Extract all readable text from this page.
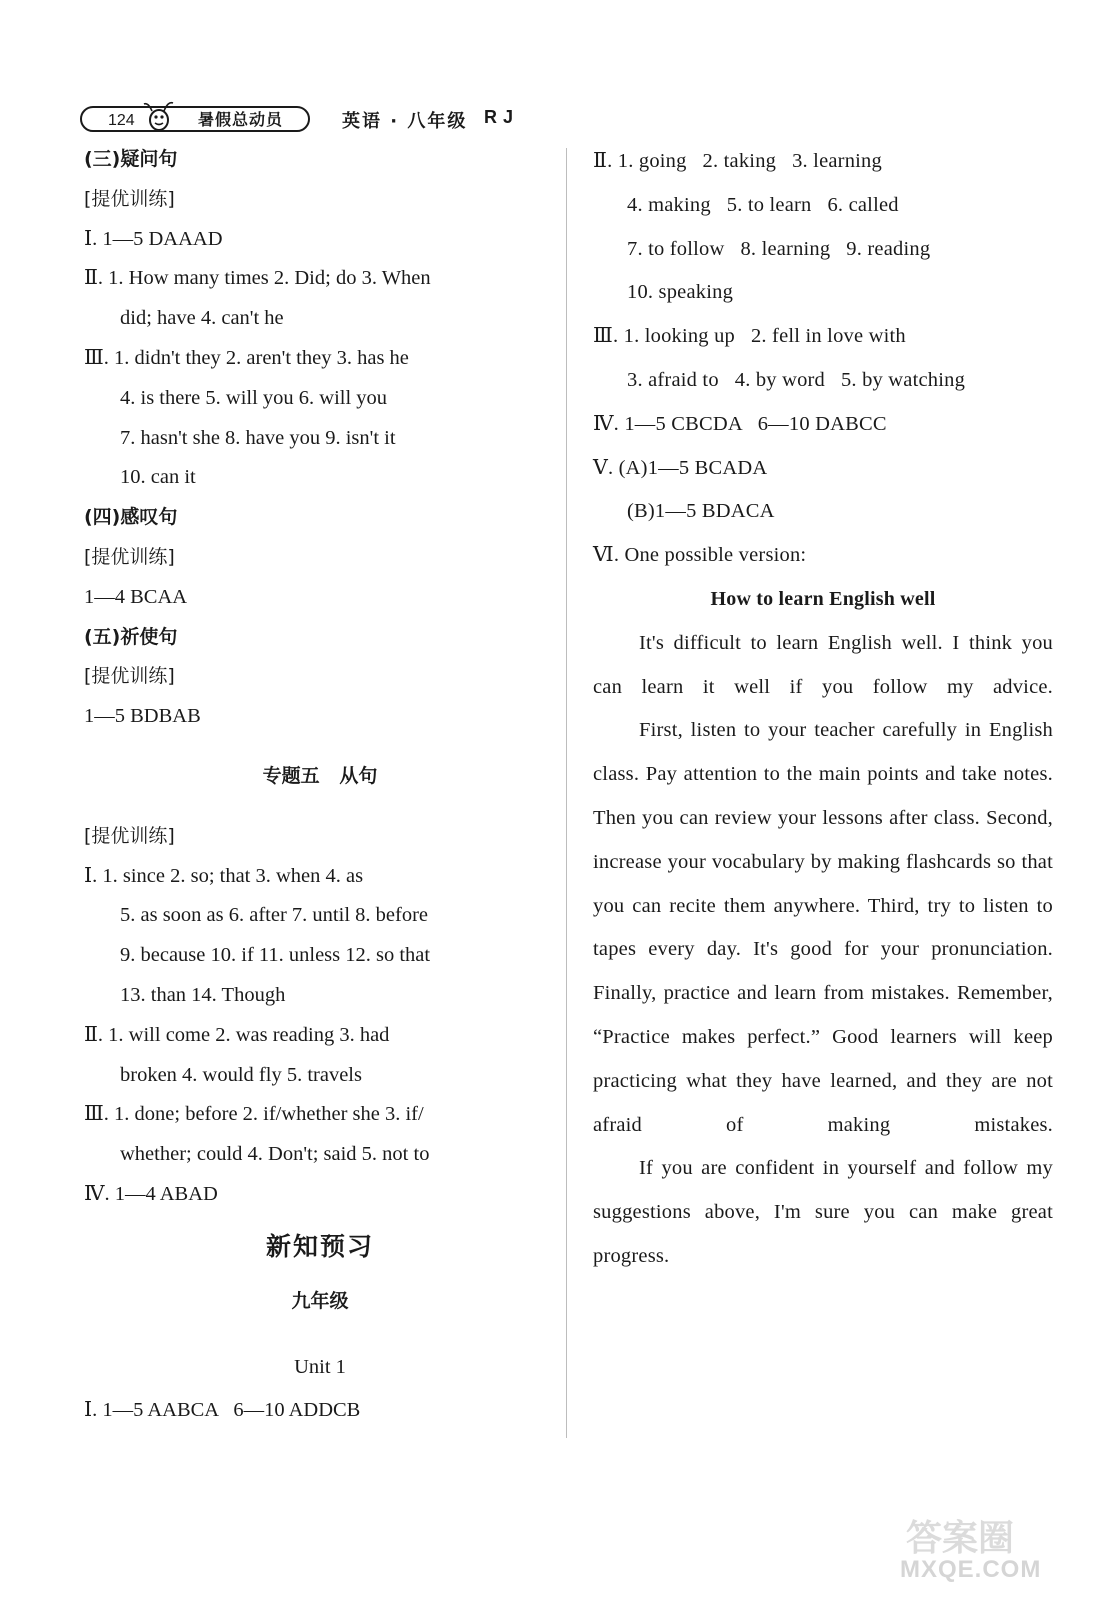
124	暑假总动员	英语 · 八年级 RJ
(三)疑问句
[提优训练]
Ⅰ. 1—5 DAAAD
Ⅱ. 1. How many times 2. Did; do 3. When
did; have 4. can't he
Ⅲ. 1. didn't they 2. aren't they 3. has he
4. is there 5. will you 6. will you
7. hasn't she 8. have you 9. isn't it
10. can it
(四)感叹句
[提优训练]
1—4 BCAA
(五)祈使句
[提优训练]
1—5 BDBAB
专题五   从句
[提优训练]
Ⅰ. 1. since 2. so; that 3. when 4. as
5. as soon as 6. after 7. until 8. before
9. because 10. if 11. unless 12. so that
13. than 14. Though
Ⅱ. 1. will come 2. was reading 3. had
broken 4. would fly 5. travels
Ⅲ. 1. done; before 2. if/whether she 3. if/
whether; could 4. Don't; said 5. not to
Ⅳ. 1—4 ABAD
新知预习
九年级
Unit 1
Ⅰ. 1—5 AABCA   6—10 ADDCB
Ⅱ. 1. going   2. taking   3. learning
4. making   5. to learn   6. called
7. to follow   8. learning   9. reading
10. speaking
Ⅲ. 1. looking up   2. fell in love with
3. afraid to   4. by word   5. by watching
Ⅳ. 1—5 CBCDA   6—10 DABCC
Ⅴ. (A)1—5 BCADA
(B)1—5 BDACA
Ⅵ. One possible version:
How to learn English well
It's difficult to learn English well. I think you can learn it well if you follow my advice.
First, listen to your teacher carefully in English class. Pay attention to the main points and take notes. Then you can review your lessons after class. Second, increase your vocabulary by making flashcards so that you can recite them anywhere. Third, try to listen to tapes every day. It's good for your pronunciation. Finally, practice and learn from mistakes. Remember, “Practice makes perfect.” Good learners will keep practicing what they have learned, and they are not afraid of making mistakes.
If you are confident in yourself and follow my suggestions above, I'm sure you can make great progress.
答案圈
MXQE.COM
